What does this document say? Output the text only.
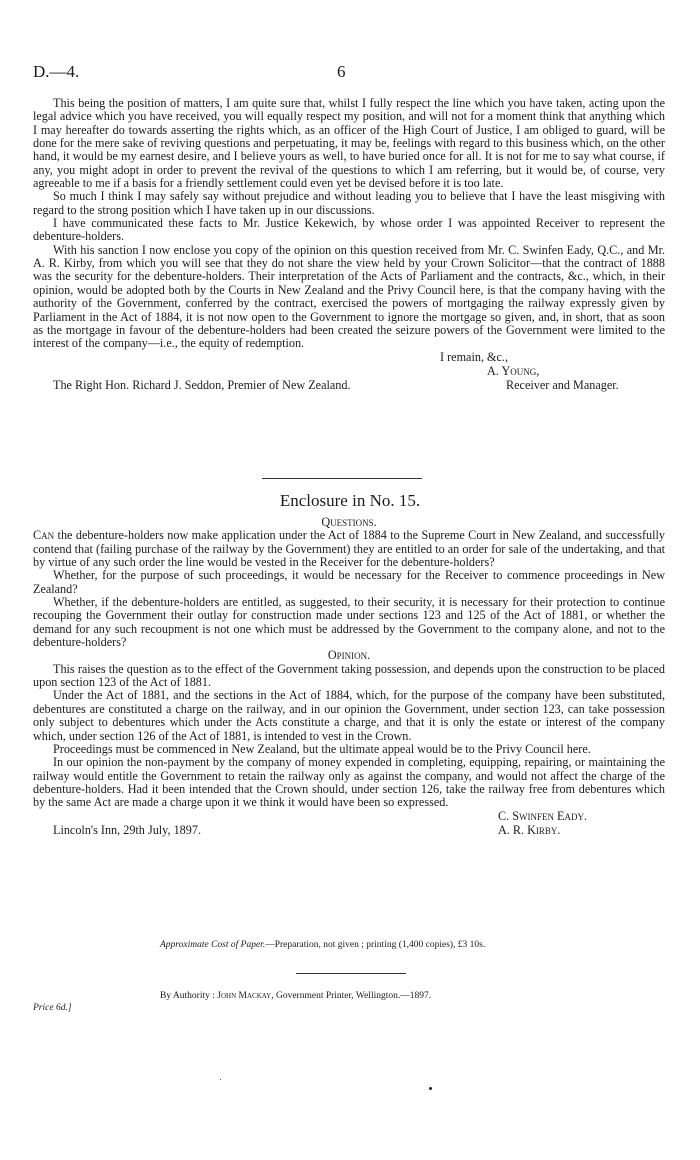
D.—4.	6

This being the position of matters, I am quite sure that, whilst I fully respect the line which you have taken, acting upon the legal advice which you have received, you will equally respect my position, and will not for a moment think that anything which I may hereafter do towards asserting the rights which, as an officer of the High Court of Justice, I am obliged to guard, will be done for the mere sake of reviving questions and perpetuating, it may be, feelings with regard to this business which, on the other hand, it would be my earnest desire, and I believe yours as well, to have buried once for all. It is not for me to say what course, if any, you might adopt in order to prevent the revival of the questions to which I am referring, but it would be, of course, very agreeable to me if a basis for a friendly settlement could even yet be devised before it is too late.

So much I think I may safely say without prejudice and without leading you to believe that I have the least misgiving with regard to the strong position which I have taken up in our discussions.

I have communicated these facts to Mr. Justice Kekewich, by whose order I was appointed Receiver to represent the debenture-holders.

With his sanction I now enclose you copy of the opinion on this question received from Mr. C. Swinfen Eady, Q.C., and Mr. A. R. Kirby, from which you will see that they do not share the view held by your Crown Solicitor—that the contract of 1888 was the security for the debenture-holders. Their interpretation of the Acts of Parliament and the contracts, &c., which, in their opinion, would be adopted both by the Courts in New Zealand and the Privy Council here, is that the company having with the authority of the Government, conferred by the contract, exercised the powers of mortgaging the railway expressly given by Parliament in the Act of 1884, it is not now open to the Government to ignore the mortgage so given, and, in short, that as soon as the mortgage in favour of the debenture-holders had been created the seizure powers of the Government were limited to the interest of the company—i.e., the equity of redemption.

I remain, &c.,
A. Young,
The Right Hon. Richard J. Seddon, Premier of New Zealand.	Receiver and Manager.
Enclosure in No. 15.

Questions.

Can the debenture-holders now make application under the Act of 1884 to the Supreme Court in New Zealand, and successfully contend that (failing purchase of the railway by the Government) they are entitled to an order for sale of the undertaking, and that by virtue of any such order the line would be vested in the Receiver for the debenture-holders?

Whether, for the purpose of such proceedings, it would be necessary for the Receiver to commence proceedings in New Zealand?

Whether, if the debenture-holders are entitled, as suggested, to their security, it is necessary for their protection to continue recouping the Government their outlay for construction made under sections 123 and 125 of the Act of 1881, or whether the demand for any such recoupment is not one which must be addressed by the Government to the company alone, and not to the debenture-holders?

Opinion.

This raises the question as to the effect of the Government taking possession, and depends upon the construction to be placed upon section 123 of the Act of 1881.

Under the Act of 1881, and the sections in the Act of 1884, which, for the purpose of the company have been substituted, debentures are constituted a charge on the railway, and in our opinion the Government, under section 123, can take possession only subject to debentures which under the Acts constitute a charge, and that it is only the estate or interest of the company which, under section 126 of the Act of 1881, is intended to vest in the Crown.

Proceedings must be commenced in New Zealand, but the ultimate appeal would be to the Privy Council here.

In our opinion the non-payment by the company of money expended in completing, equipping, repairing, or maintaining the railway would entitle the Government to retain the railway only as against the company, and would not affect the charge of the debenture-holders. Had it been intended that the Crown should, under section 126, take the railway free from debentures which by the same Act are made a charge upon it we think it would have been so expressed.

C. Swinfen Eady.
Lincoln's Inn, 29th July, 1897.	A. R. Kirby.
Approximate Cost of Paper.—Preparation, not given ; printing (1,400 copies), £3 10s.
By Authority : John Mackay, Government Printer, Wellington.—1897.
Price 6d.]
